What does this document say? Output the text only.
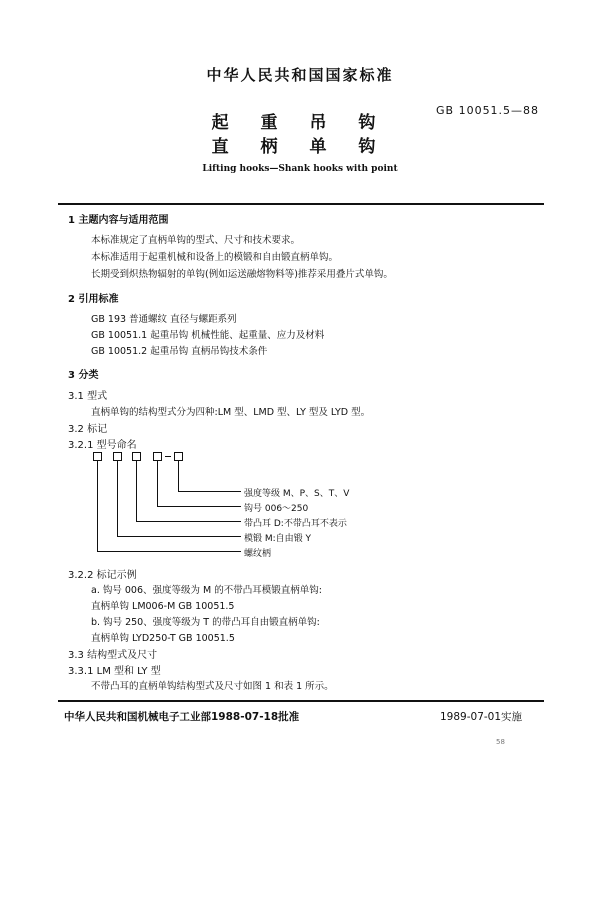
中华人民共和国国家标准
GB 10051.5—88
起 重 吊 钩
直 柄 单 钩
Lifting hooks—Shank hooks with point
1 主题内容与适用范围
本标准规定了直柄单钩的型式、尺寸和技术要求。
本标准适用于起重机械和设备上的模锻和自由锻直柄单钩。
长期受到炽热物辐射的单钩(例如运送融熔物料等)推荐采用叠片式单钩。
2 引用标准
GB 193 普通螺纹 直径与螺距系列
GB 10051.1 起重吊钩 机械性能、起重量、应力及材料
GB 10051.2 起重吊钩 直柄吊钩技术条件
3 分类
3.1 型式
直柄单钩的结构型式分为四种:LM 型、LMD 型、LY 型及 LYD 型。
3.2 标记
3.2.1 型号命名
强度等级 M、P、S、T、V
钩号 006～250
带凸耳 D:不带凸耳不表示
模锻 M:自由锻 Y
螺纹柄
3.2.2 标记示例
a. 钩号 006、强度等级为 M 的不带凸耳模锻直柄单钩:
直柄单钩 LM006-M GB 10051.5
b. 钩号 250、强度等级为 T 的带凸耳自由锻直柄单钩:
直柄单钩 LYD250-T GB 10051.5
3.3 结构型式及尺寸
3.3.1 LM 型和 LY 型
不带凸耳的直柄单钩结构型式及尺寸如图 1 和表 1 所示。
中华人民共和国机械电子工业部1988-07-18批准	1989-07-01实施
58
